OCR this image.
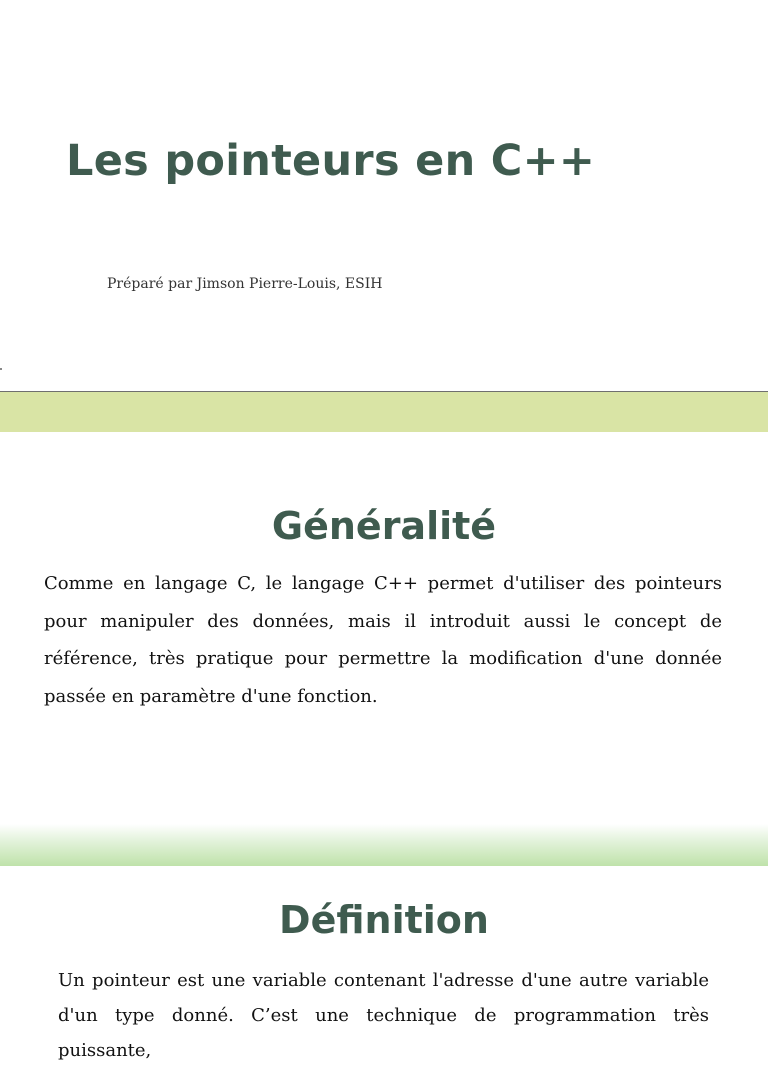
Les pointeurs en C++

Préparé par Jimson Pierre-Louis, ESIH

Généralité

Comme en langage C, le langage C++ permet d'utiliser des pointeurs pour manipuler des données, mais il introduit aussi le concept de référence, très pratique pour permettre la modification d'une donnée passée en paramètre d'une fonction.

Définition

Un pointeur est une variable contenant l'adresse d'une autre variable d'un type donné. C’est une technique de programmation très puissante,
